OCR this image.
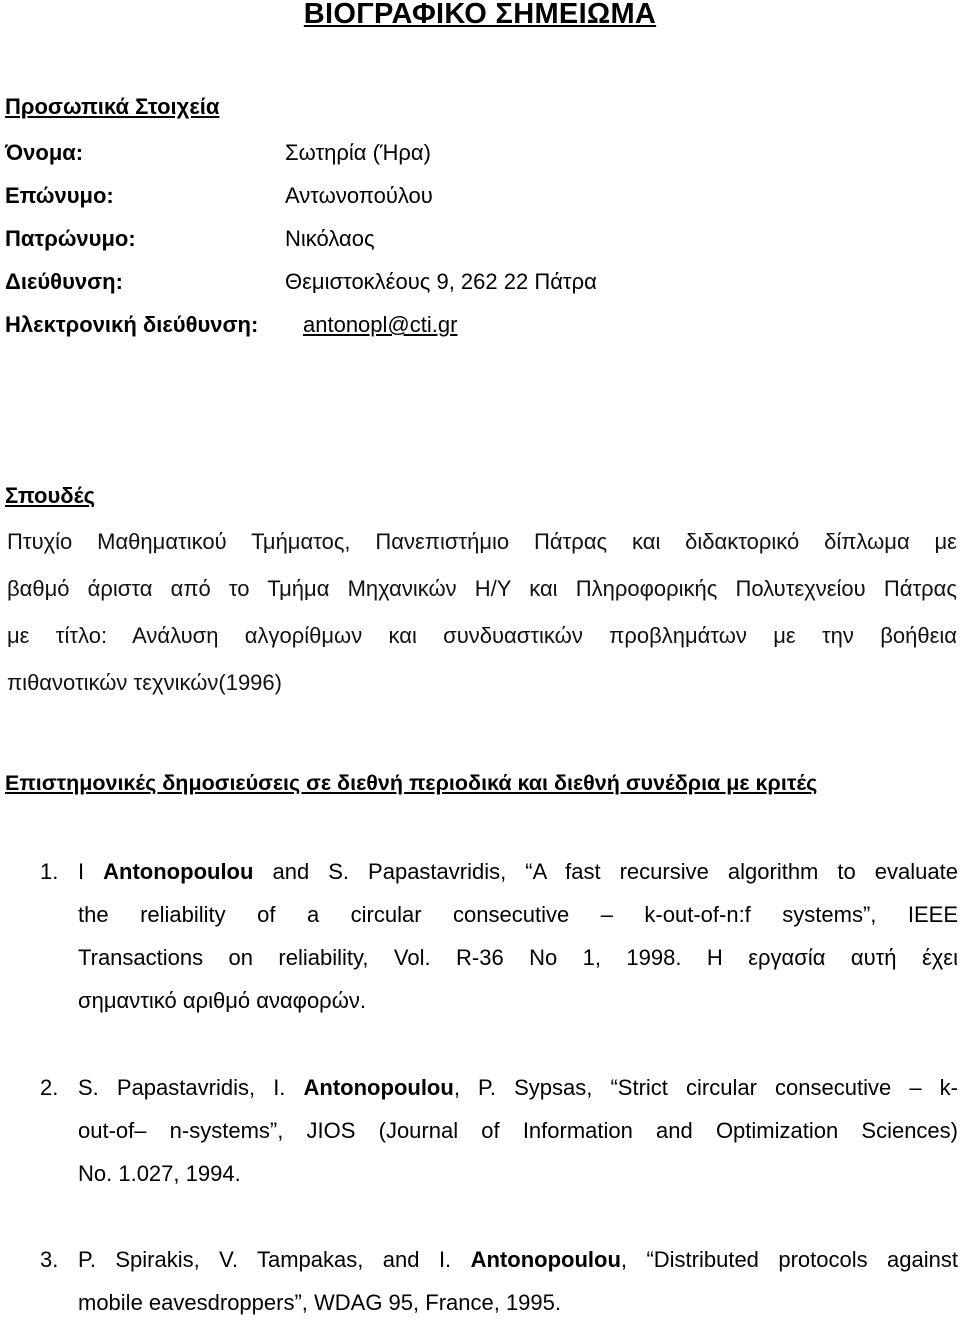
ΒΙΟΓΡΑΦΙΚΟ ΣΗΜΕΙΩΜΑ
Προσωπικά Στοιχεία
Όνομα:	Σωτηρία (Ήρα)
Επώνυμο:	Αντωνοπούλου
Πατρώνυμο:	Νικόλαος
Διεύθυνση:	Θεμιστοκλέους 9, 262 22 Πάτρα
Ηλεκτρονική διεύθυνση: antonopl@cti.gr
Σπουδές
Πτυχίο Μαθηματικού Τμήματος, Πανεπιστήμιο Πάτρας και διδακτορικό δίπλωμα με
βαθμό άριστα από το Τμήμα Μηχανικών Η/Υ και Πληροφορικής Πολυτεχνείου Πάτρας
με τίτλο: Ανάλυση αλγορίθμων και συνδυαστικών προβλημάτων με την βοήθεια
πιθανοτικών τεχνικών(1996)
Επιστημονικές δημοσιεύσεις σε διεθνή περιοδικά και διεθνή συνέδρια με κριτές
1. I Antonopoulou and S. Papastavridis, “A fast recursive algorithm to evaluate
the reliability of a circular consecutive – k-out-of-n:f systems”, IEEE
Transactions on reliability, Vol. R-36 No 1, 1998. Η εργασία αυτή έχει
σημαντικό αριθμό αναφορών.
2. S. Papastavridis, I. Antonopoulou, P. Sypsas, “Strict circular consecutive – k-
out-of– n-systems”, JIOS (Journal of Information and Optimization Sciences)
No. 1.027, 1994.
3. P. Spirakis, V. Tampakas, and I. Antonopoulou, “Distributed protocols against
mobile eavesdroppers”, WDAG 95, France, 1995.
